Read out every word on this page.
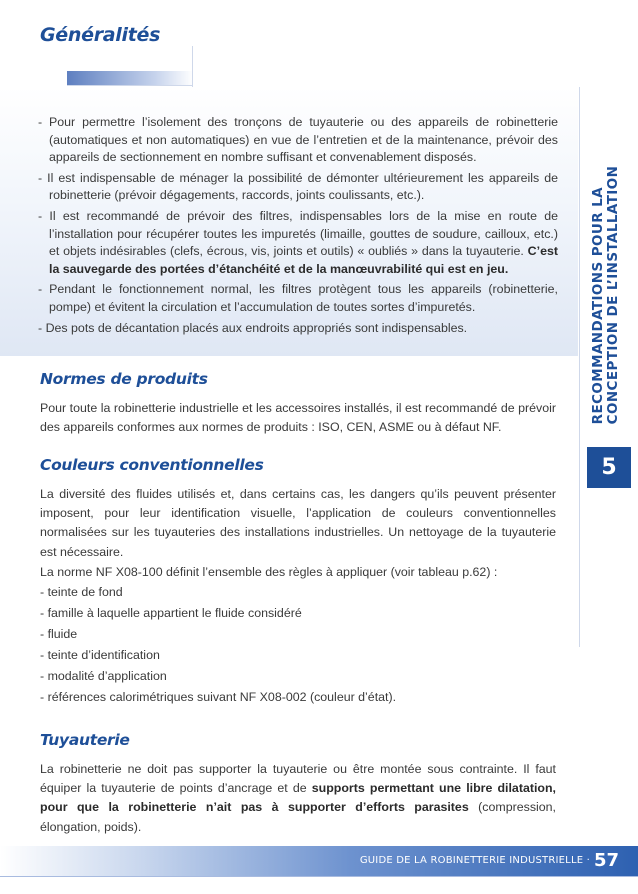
Généralités

- Pour permettre l’isolement des tronçons de tuyauterie ou des appareils de robinetterie (automatiques et non automatiques) en vue de l’entretien et de la maintenance, prévoir des appareils de sectionnement en nombre suffisant et convenablement disposés.

- Il est indispensable de ménager la possibilité de démonter ultérieurement les appareils de robinetterie (prévoir dégagements, raccords, joints coulissants, etc.).

- Il est recommandé de prévoir des filtres, indispensables lors de la mise en route de l’installation pour récupérer toutes les impuretés (limaille, gouttes de soudure, cailloux, etc.) et objets indésirables (clefs, écrous, vis, joints et outils) « oubliés » dans la tuyauterie. C’est la sauvegarde des portées d’étanchéité et de la manœuvrabilité qui est en jeu.

- Pendant le fonctionnement normal, les filtres protègent tous les appareils (robinetterie, pompe) et évitent la circulation et l’accumulation de toutes sortes d’impuretés.

- Des pots de décantation placés aux endroits appropriés sont indispensables.

Normes de produits

Pour toute la robinetterie industrielle et les accessoires installés, il est recommandé de prévoir des appareils conformes aux normes de produits : ISO, CEN, ASME ou à défaut NF.

Couleurs conventionnelles

La diversité des fluides utilisés et, dans certains cas, les dangers qu’ils peuvent présenter imposent, pour leur identification visuelle, l’application de couleurs conventionnelles normalisées sur les tuyauteries des installations industrielles. Un nettoyage de la tuyauterie est nécessaire.

La norme NF X08-100 définit l’ensemble des règles à appliquer (voir tableau p.62) :

- teinte de fond
- famille à laquelle appartient le fluide considéré
- fluide
- teinte d’identification
- modalité d’application
- références calorimétriques suivant NF X08-002 (couleur d’état).
Tuyauterie

La robinetterie ne doit pas supporter la tuyauterie ou être montée sous contrainte. Il faut équiper la tuyauterie de points d’ancrage et de supports permettant une libre dilatation, pour que la robinetterie n’ait pas à supporter d’efforts parasites (compression, élongation, poids).

RECOMMANDATIONS POUR LA CONCEPTION DE L’INSTALLATION
5
GUIDE DE LA ROBINETTERIE INDUSTRIELLE · 57
